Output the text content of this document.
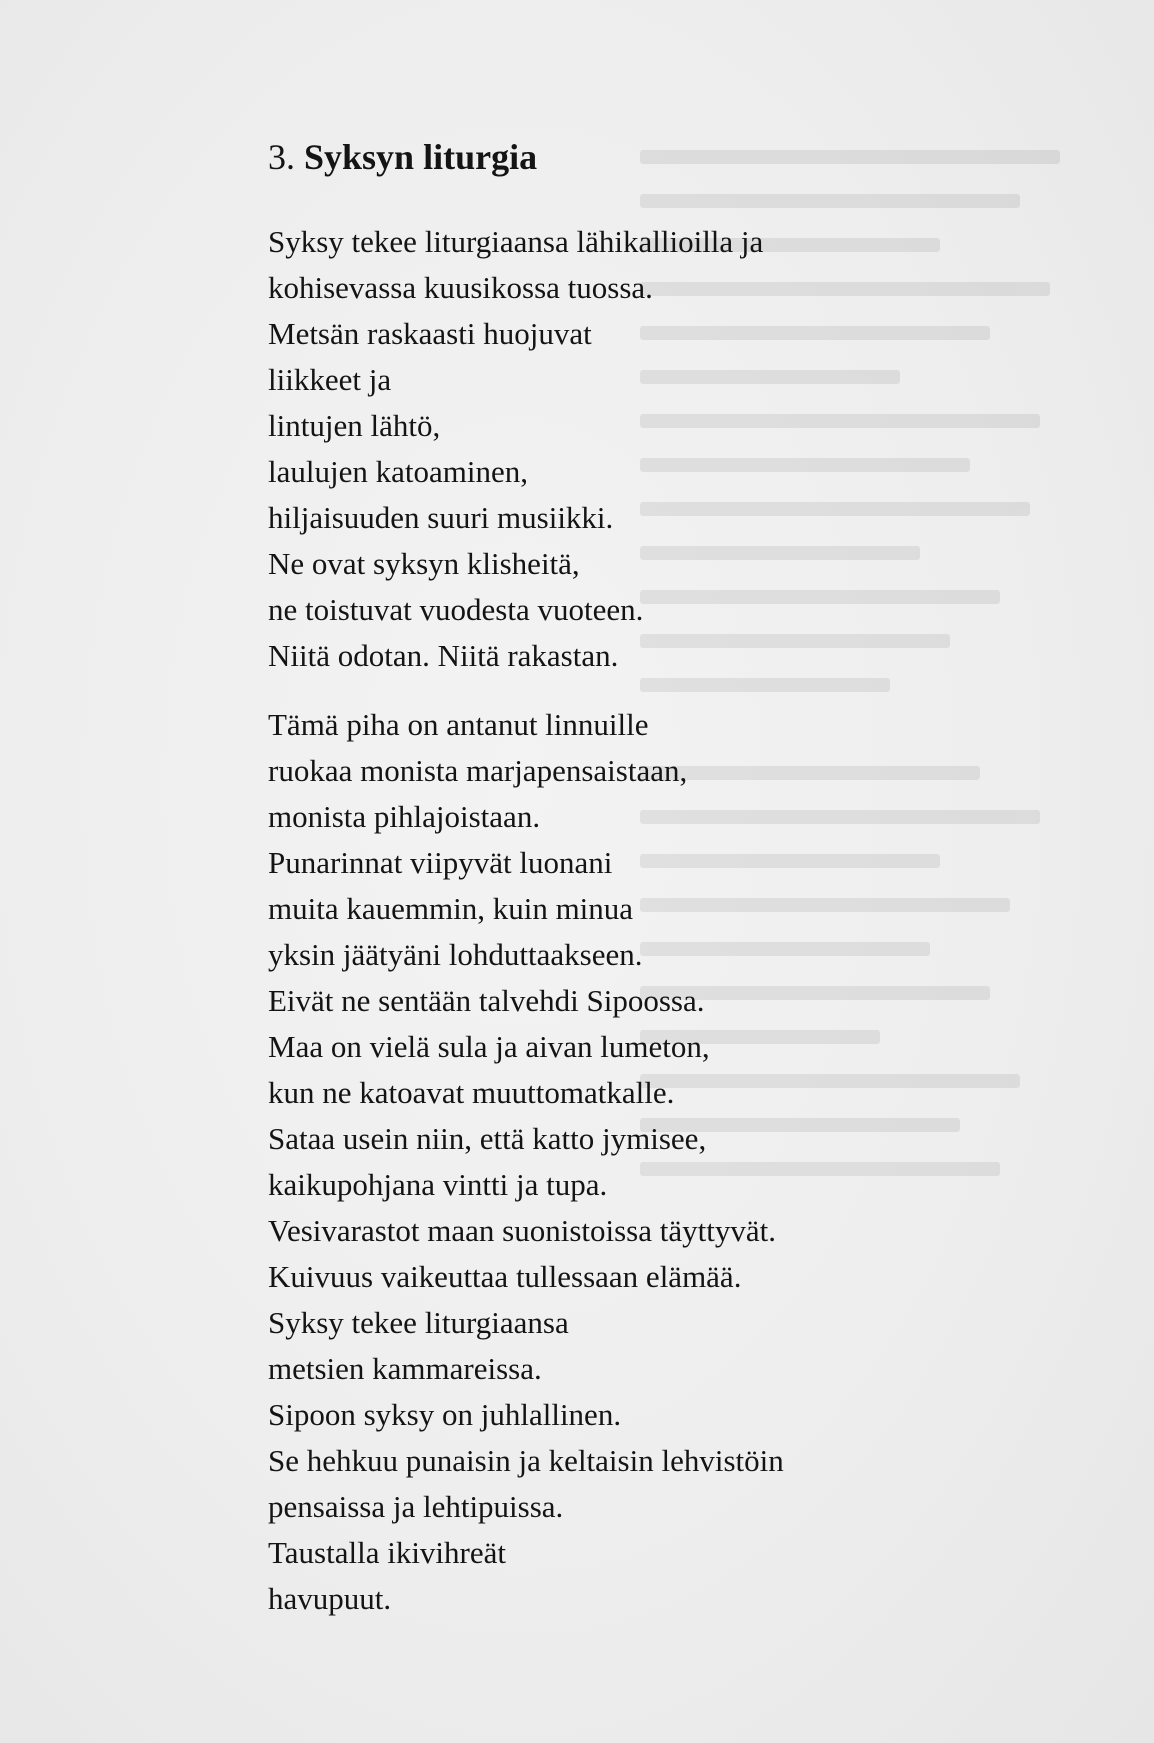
3. Syksyn liturgia
Syksy tekee liturgiaansa lähikallioilla ja
kohisevassa kuusikossa tuossa.
Metsän raskaasti huojuvat
liikkeet ja
lintujen lähtö,
laulujen katoaminen,
hiljaisuuden suuri musiikki.
Ne ovat syksyn klisheitä,
ne toistuvat vuodesta vuoteen.
Niitä odotan. Niitä rakastan.
Tämä piha on antanut linnuille
ruokaa monista marjapensaistaan,
monista pihlajoistaan.
Punarinnat viipyvät luonani
muita kauemmin, kuin minua
yksin jäätyäni lohduttaakseen.
Eivät ne sentään talvehdi Sipoossa.
Maa on vielä sula ja aivan lumeton,
kun ne katoavat muuttomatkalle.
Sataa usein niin, että katto jymisee,
kaikupohjana vintti ja tupa.
Vesivarastot maan suonistoissa täyttyvät.
Kuivuus vaikeuttaa tullessaan elämää.
Syksy tekee liturgiaansa
metsien kammareissa.
Sipoon syksy on juhlallinen.
Se hehkuu punaisin ja keltaisin lehvistöin
pensaissa ja lehtipuissa.
Taustalla ikivihreät
havupuut.
